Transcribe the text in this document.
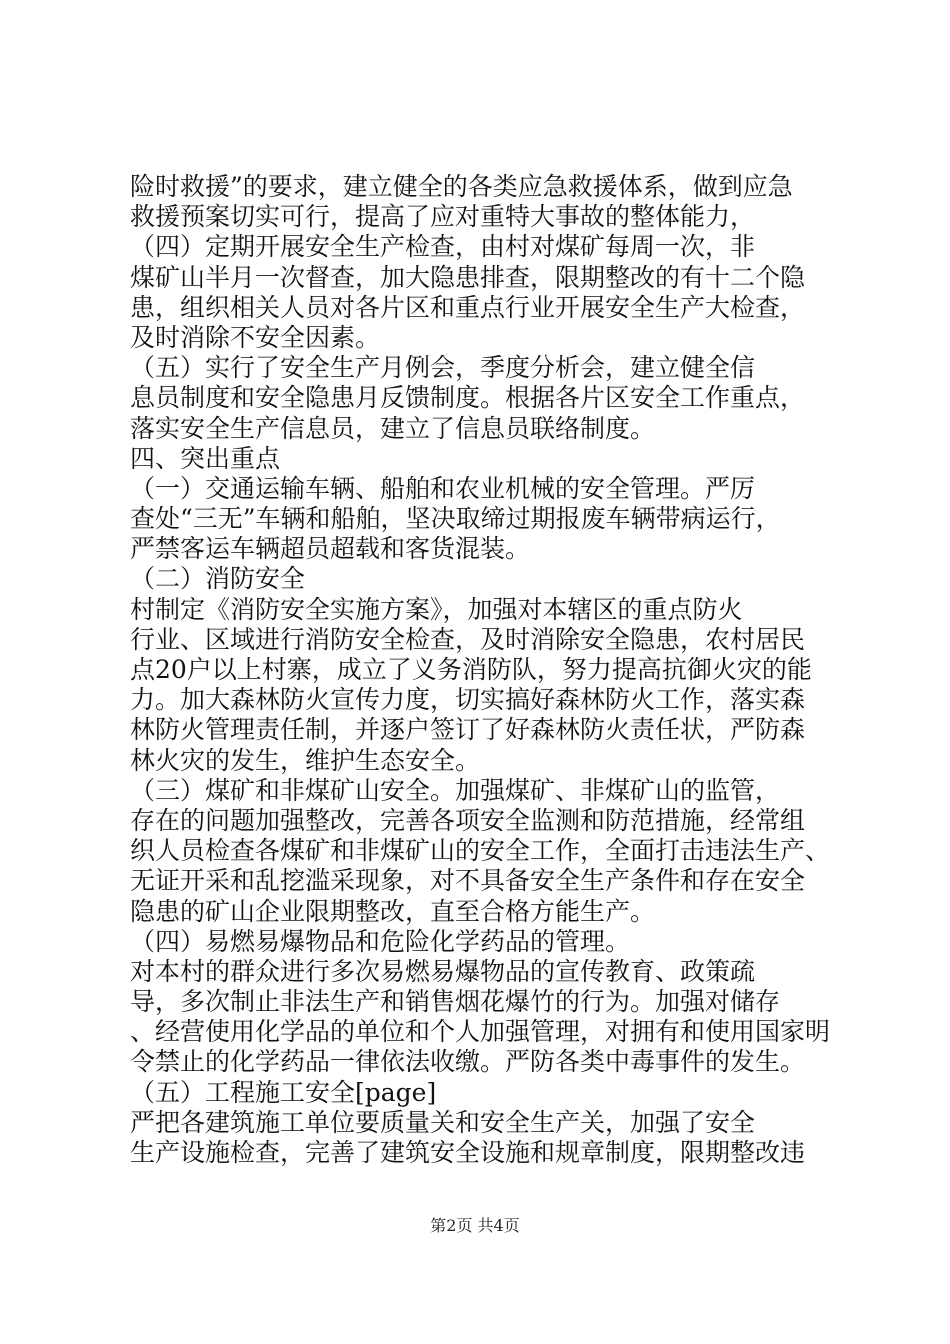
险时救援”的要求，建立健全的各类应急救援体系，做到应急
救援预案切实可行，提高了应对重特大事故的整体能力，
（四）定期开展安全生产检查，由村对煤矿每周一次，非
煤矿山半月一次督查，加大隐患排查，限期整改的有十二个隐
患，组织相关人员对各片区和重点行业开展安全生产大检查，
及时消除不安全因素。
（五）实行了安全生产月例会，季度分析会，建立健全信
息员制度和安全隐患月反馈制度。根据各片区安全工作重点，
落实安全生产信息员，建立了信息员联络制度。
四、突出重点
（一）交通运输车辆、船舶和农业机械的安全管理。严厉
查处“三无”车辆和船舶，坚决取缔过期报废车辆带病运行，
严禁客运车辆超员超载和客货混装。
（二）消防安全
村制定《消防安全实施方案》，加强对本辖区的重点防火
行业、区域进行消防安全检查，及时消除安全隐患，农村居民
点20户以上村寨，成立了义务消防队，努力提高抗御火灾的能
力。加大森林防火宣传力度，切实搞好森林防火工作，落实森
林防火管理责任制，并逐户签订了好森林防火责任状，严防森
林火灾的发生，维护生态安全。
（三）煤矿和非煤矿山安全。加强煤矿、非煤矿山的监管，
存在的问题加强整改，完善各项安全监测和防范措施，经常组
织人员检查各煤矿和非煤矿山的安全工作，全面打击违法生产、
无证开采和乱挖滥采现象，对不具备安全生产条件和存在安全
隐患的矿山企业限期整改，直至合格方能生产。
（四）易燃易爆物品和危险化学药品的管理。
对本村的群众进行多次易燃易爆物品的宣传教育、政策疏
导，多次制止非法生产和销售烟花爆竹的行为。加强对储存
、经营使用化学品的单位和个人加强管理，对拥有和使用国家明
令禁止的化学药品一律依法收缴。严防各类中毒事件的发生。
（五）工程施工安全[page]
严把各建筑施工单位要质量关和安全生产关，加强了安全
生产设施检查，完善了建筑安全设施和规章制度，限期整改违
第2页 共4页
